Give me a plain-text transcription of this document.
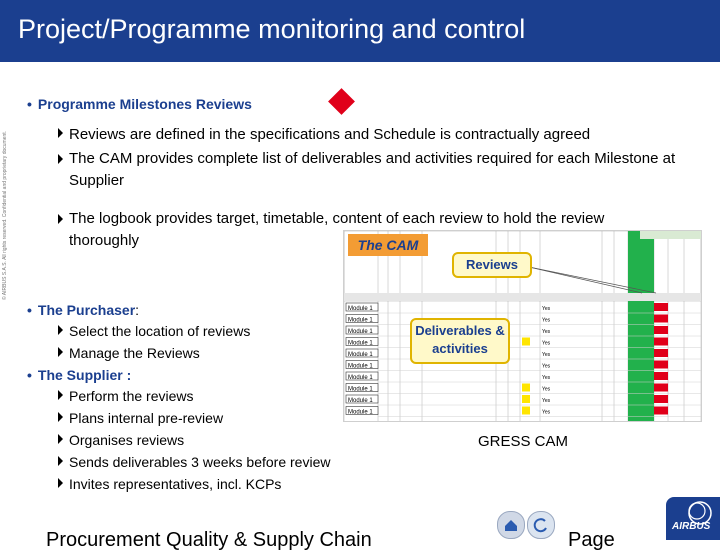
Project/Programme monitoring and control
• Programme Milestones Reviews
Reviews are defined in the specifications and Schedule is contractually agreed
The CAM provides complete list of deliverables and activities required for each Milestone at Supplier
The logbook provides target, timetable, content of each review to hold the review thoroughly
• The Purchaser:
Select the location of reviews
Manage the Reviews
• The Supplier :
Perform the reviews
Plans internal pre-review
Organises reviews
Sends deliverables 3 weeks before review
Invites representatives, incl. KCPs
Module 1	Yes
Module 1	Yes
Module 1	Yes
Module 1	Yes
Module 1	Yes
Module 1	Yes
Module 1	Yes
Module 1	Yes
Module 1	Yes
Module 1	Yes
The CAM
Reviews
Deliverables & activities
GRESS CAM
© AIRBUS S.A.S. All rights reserved. Confidential and proprietary document.
Procurement Quality & Supply Chain	Page
AIRBUS
